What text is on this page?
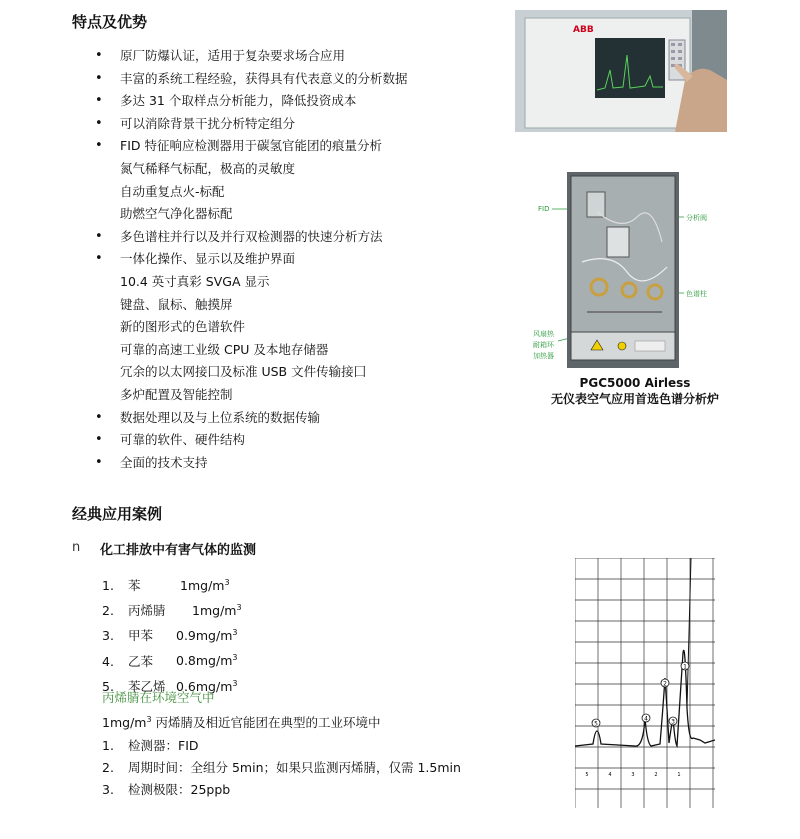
特点及优势
• 原厂防爆认证，适用于复杂要求场合应用
• 丰富的系统工程经验，获得具有代表意义的分析数据
• 多达 31 个取样点分析能力，降低投资成本
• 可以消除背景干扰分析特定组分
• FID 特征响应检测器用于碳氢官能团的痕量分析
氮气稀释气标配，极高的灵敏度
自动重复点火-标配
助燃空气净化器标配
• 多色谱柱并行以及并行双检测器的快速分析方法
• 一体化操作、显示以及维护界面
10.4 英寸真彩 SVGA 显示
键盘、鼠标、触摸屏
新的图形式的色谱软件
可靠的高速工业级 CPU 及本地存储器
冗余的以太网接囗及标准 USB 文件传输接囗
多炉配置及智能控制
• 数据处理以及与上位系统的数据传输
• 可靠的软件、硬件结构
• 全面的技术支持
ABB
FID
分析阀
色谱柱
风扇热
耐箱环
加热器
PGC5000 Airless
无仪表空气应用首选色谱分析炉
经典应用案例
n 化工排放中有害气体的监测
1. 苯	$1mg/m^3$
2. 丙烯腈 $1mg/m^3$
3. 甲苯 $0.9mg/m^3$
4. 乙苯 $0.8mg/m^3$
5. 苯乙烯 $0.6mg/m^3$
丙烯腈在环境空气中
$1mg/m^3$ 丙烯腈及相近官能团在典型的工业环境中
1. 检测器：FID
2. 周期时间：全组分 5min；如果只监测丙烯腈，仅需 1.5min
3. 检测极限：25ppb
5
4	3
2
1
5	4	3	2	1
